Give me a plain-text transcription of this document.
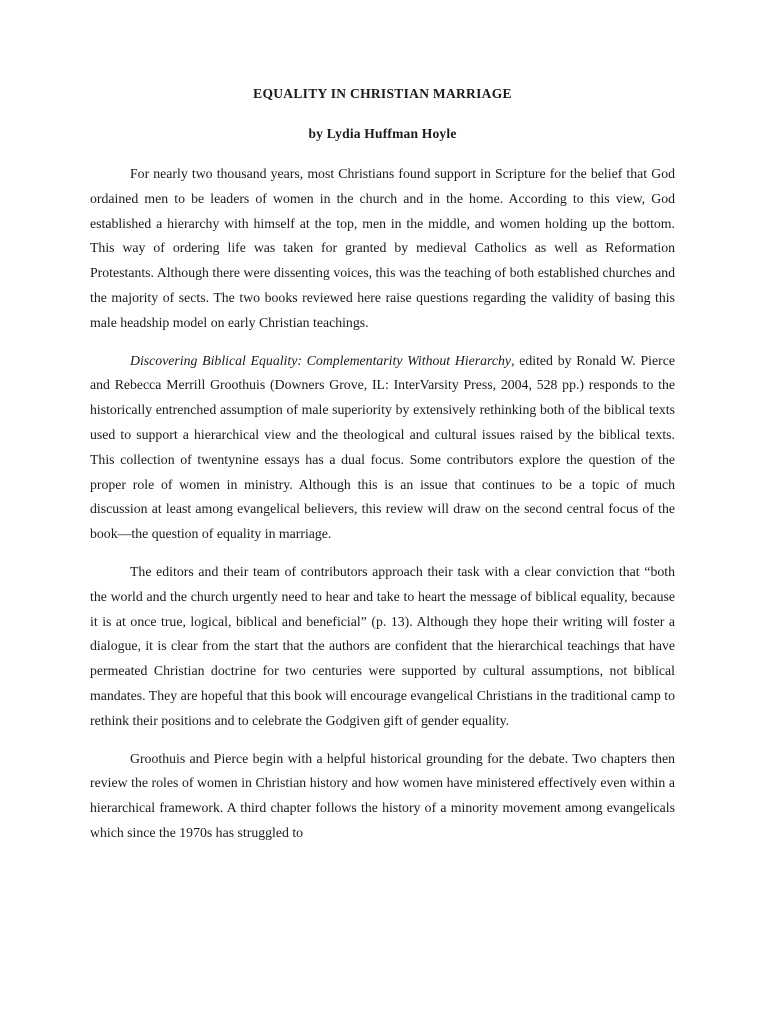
EQUALITY IN CHRISTIAN MARRIAGE
by Lydia Huffman Hoyle

For nearly two thousand years, most Christians found support in Scripture for the belief that God ordained men to be leaders of women in the church and in the home. According to this view, God established a hierarchy with himself at the top, men in the middle, and women holding up the bottom. This way of ordering life was taken for granted by medieval Catholics as well as Reformation Protestants. Although there were dissenting voices, this was the teaching of both established churches and the majority of sects. The two books reviewed here raise questions regarding the validity of basing this male headship model on early Christian teachings.

Discovering Biblical Equality: Complementarity Without Hierarchy, edited by Ronald W. Pierce and Rebecca Merrill Groothuis (Downers Grove, IL: InterVarsity Press, 2004, 528 pp.) responds to the historically entrenched assumption of male superiority by extensively rethinking both of the biblical texts used to support a hierarchical view and the theological and cultural issues raised by the biblical texts. This collection of twentynine essays has a dual focus. Some contributors explore the question of the proper role of women in ministry. Although this is an issue that continues to be a topic of much discussion at least among evangelical believers, this review will draw on the second central focus of the book—the question of equality in marriage.

The editors and their team of contributors approach their task with a clear conviction that “both the world and the church urgently need to hear and take to heart the message of biblical equality, because it is at once true, logical, biblical and beneficial” (p. 13). Although they hope their writing will foster a dialogue, it is clear from the start that the authors are confident that the hierarchical teachings that have permeated Christian doctrine for two centuries were supported by cultural assumptions, not biblical mandates. They are hopeful that this book will encourage evangelical Christians in the traditional camp to rethink their positions and to celebrate the Godgiven gift of gender equality.

Groothuis and Pierce begin with a helpful historical grounding for the debate. Two chapters then review the roles of women in Christian history and how women have ministered effectively even within a hierarchical framework. A third chapter follows the history of a minority movement among evangelicals which since the 1970s has struggled to
